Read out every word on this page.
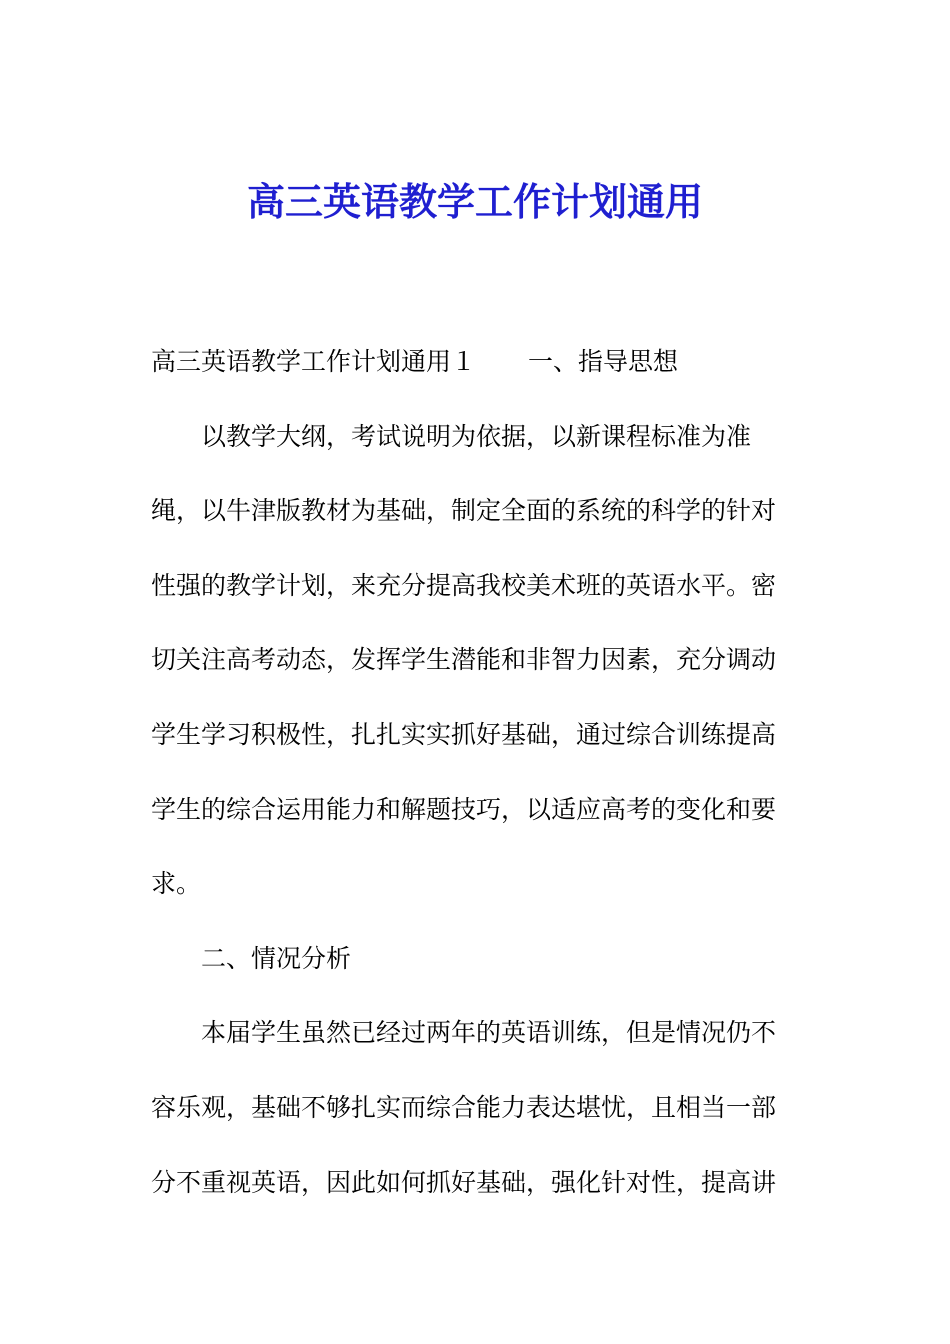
高三英语教学工作计划通用
高三英语教学工作计划通用１ 一、指导思想
以教学大纲，考试说明为依据，以新课程标准为准
绳，以牛津版教材为基础，制定全面的系统的科学的针对
性强的教学计划，来充分提高我校美术班的英语水平。密
切关注高考动态，发挥学生潜能和非智力因素，充分调动
学生学习积极性，扎扎实实抓好基础，通过综合训练提高
学生的综合运用能力和解题技巧，以适应高考的变化和要
求。
二、情况分析
本届学生虽然已经过两年的英语训练，但是情况仍不
容乐观，基础不够扎实而综合能力表达堪忧，且相当一部
分不重视英语，因此如何抓好基础，强化针对性，提高讲
